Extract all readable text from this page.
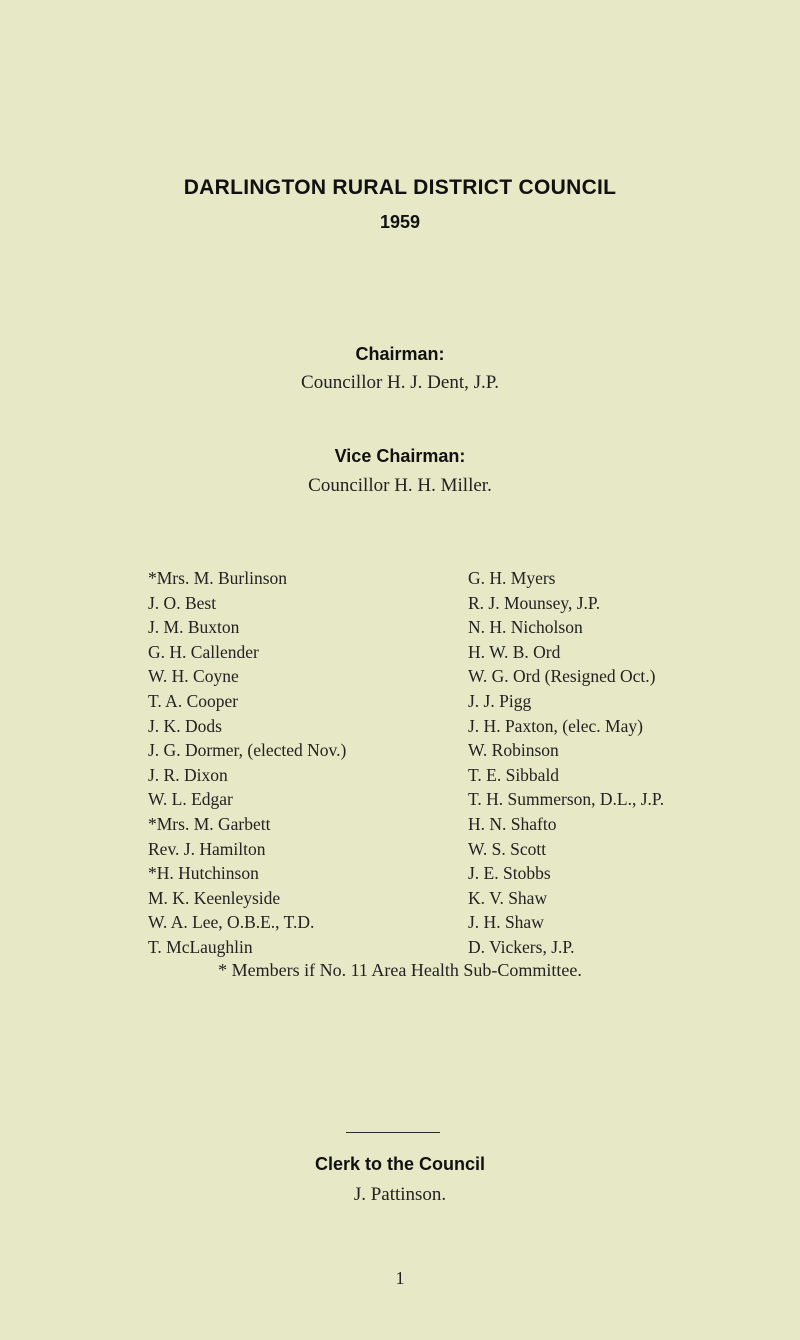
DARLINGTON RURAL DISTRICT COUNCIL
1959
Chairman:
Councillor H. J. Dent, J.P.
Vice Chairman:
Councillor H. H. Miller.
*Mrs. M. Burlinson
J. O. Best
J. M. Buxton
G. H. Callender
W. H. Coyne
T. A. Cooper
J. K. Dods
J. G. Dormer, (elected Nov.)
J. R. Dixon
W. L. Edgar
*Mrs. M. Garbett
Rev. J. Hamilton
*H. Hutchinson
M. K. Keenleyside
W. A. Lee, O.B.E., T.D.
T. McLaughlin
G. H. Myers
R. J. Mounsey, J.P.
N. H. Nicholson
H. W. B. Ord
W. G. Ord (Resigned Oct.)
J. J. Pigg
J. H. Paxton, (elec. May)
W. Robinson
T. E. Sibbald
T. H. Summerson, D.L., J.P.
H. N. Shafto
W. S. Scott
J. E. Stobbs
K. V. Shaw
J. H. Shaw
D. Vickers, J.P.
* Members if No. 11 Area Health Sub-Committee.
Clerk to the Council
J. Pattinson.
1
